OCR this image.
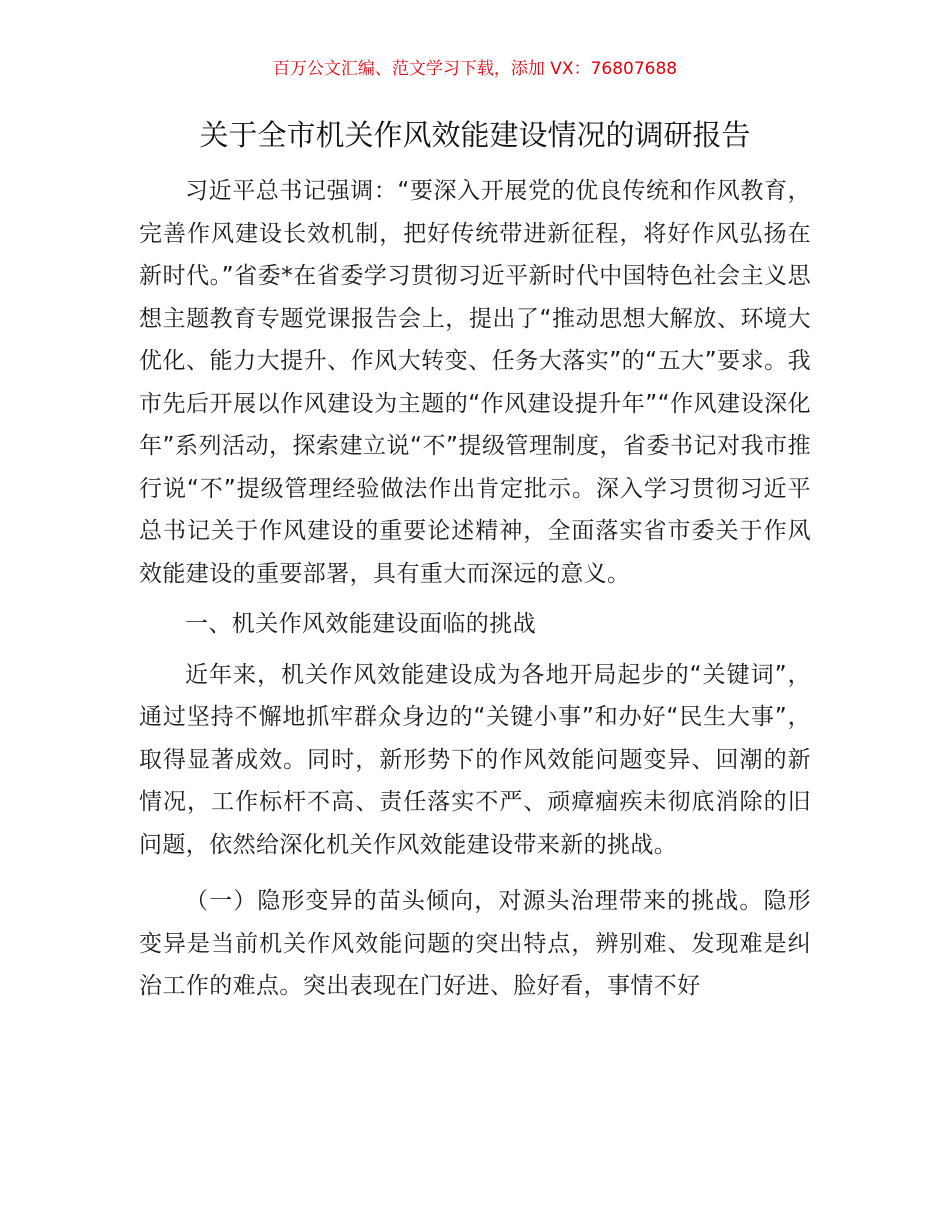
百万公文汇编、范文学习下载，添加 VX：76807688
关于全市机关作风效能建设情况的调研报告

习近平总书记强调：“要深入开展党的优良传统和作风教育，完善作风建设长效机制，把好传统带进新征程，将好作风弘扬在新时代。”省委*在省委学习贯彻习近平新时代中国特色社会主义思想主题教育专题党课报告会上，提出了“推动思想大解放、环境大优化、能力大提升、作风大转变、任务大落实”的“五大”要求。我市先后开展以作风建设为主题的“作风建设提升年”“作风建设深化年”系列活动，探索建立说“不”提级管理制度，省委书记对我市推行说“不”提级管理经验做法作出肯定批示。深入学习贯彻习近平总书记关于作风建设的重要论述精神，全面落实省市委关于作风效能建设的重要部署，具有重大而深远的意义。

一、机关作风效能建设面临的挑战

近年来，机关作风效能建设成为各地开局起步的“关键词”，通过坚持不懈地抓牢群众身边的“关键小事”和办好“民生大事”，取得显著成效。同时，新形势下的作风效能问题变异、回潮的新情况，工作标杆不高、责任落实不严、顽瘴痼疾未彻底消除的旧问题，依然给深化机关作风效能建设带来新的挑战。

（一）隐形变异的苗头倾向，对源头治理带来的挑战。隐形变异是当前机关作风效能问题的突出特点，辨别难、发现难是纠治工作的难点。突出表现在门好进、脸好看，事情不好
